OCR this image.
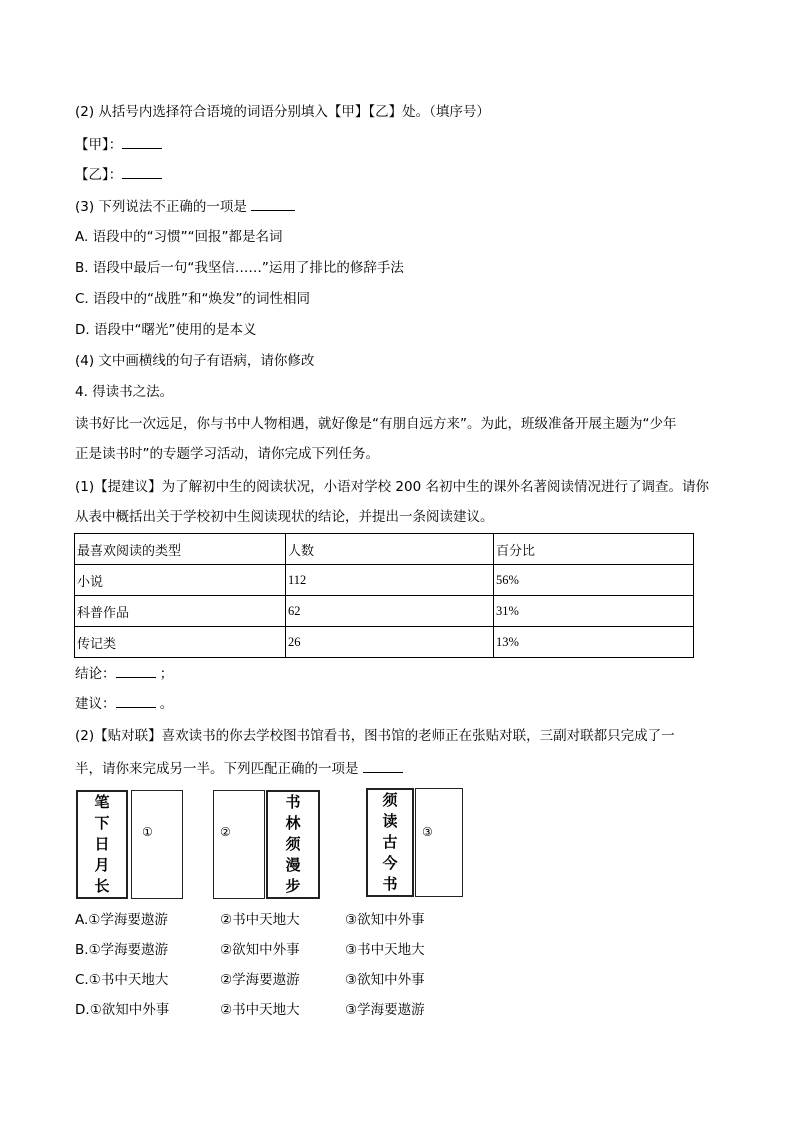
(2) 从括号内选择符合语境的词语分别填入【甲】【乙】处。（填序号）
【甲】：
【乙】：
(3) 下列说法不正确的一项是
A. 语段中的“习惯”“回报”都是名词
B. 语段中最后一句“我坚信……”运用了排比的修辞手法
C. 语段中的“战胜”和“焕发”的词性相同
D. 语段中“曙光”使用的是本义
(4) 文中画横线的句子有语病，请你修改
4. 得读书之法。
读书好比一次远足，你与书中人物相遇，就好像是“有朋自远方来”。为此，班级准备开展主题为“少年
正是读书时”的专题学习活动，请你完成下列任务。
(1)【提建议】为了解初中生的阅读状况，小语对学校 200 名初中生的课外名著阅读情况进行了调查。请你
从表中概括出关于学校初中生阅读现状的结论，并提出一条阅读建议。
最喜欢阅读的类型	人数	百分比
小说	112	56%
科普作品	62	31%
传记类	26	13%
结论：	；
建议：	。
(2)【贴对联】喜欢读书的你去学校图书馆看书，图书馆的老师正在张贴对联，三副对联都只完成了一
半，请你来完成另一半。下列匹配正确的一项是
笔
下
日
月
长
①	②
书
林
须
漫
步
须
读
古
今
书
③
A.①学海要遨游	②书中天地大	③欲知中外事
B.①学海要遨游	②欲知中外事	③书中天地大
C.①书中天地大	②学海要遨游	③欲知中外事
D.①欲知中外事	②书中天地大	③学海要遨游
